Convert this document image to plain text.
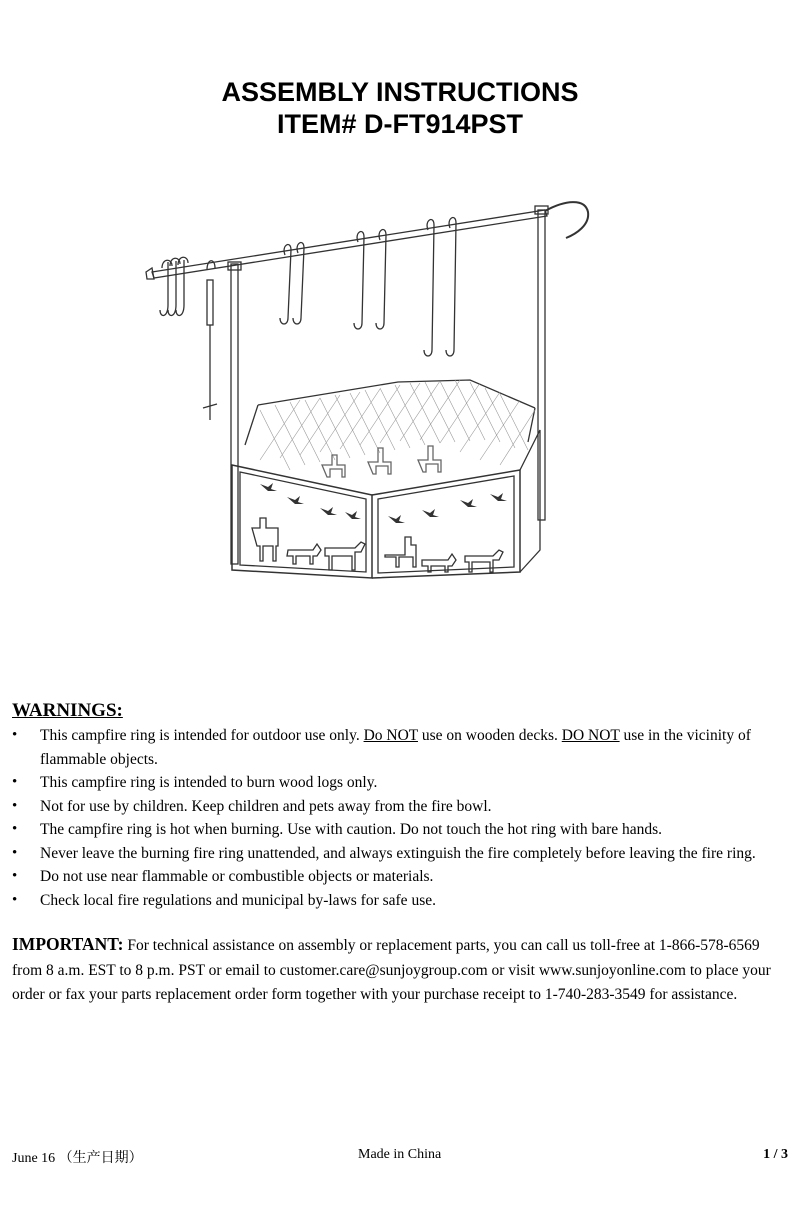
ASSEMBLY INSTRUCTIONS
ITEM# D-FT914PST
WARNINGS:
• This campfire ring is intended for outdoor use only. Do NOT use on wooden decks. DO NOT use in the vicinity of flammable objects.
• This campfire ring is intended to burn wood logs only.
• Not for use by children. Keep children and pets away from the fire bowl.
• The campfire ring is hot when burning. Use with caution. Do not touch the hot ring with bare hands.
• Never leave the burning fire ring unattended, and always extinguish the fire completely before leaving the fire ring.
• Do not use near flammable or combustible objects or materials.
• Check local fire regulations and municipal by-laws for safe use.
IMPORTANT: For technical assistance on assembly or replacement parts, you can call us toll-free at 1-866-578-6569 from 8 a.m. EST to 8 p.m. PST or email to customer.care@sunjoygroup.com or visit www.sunjoyonline.com to place your order or fax your parts replacement order form together with your purchase receipt to 1-740-283-3549 for assistance.
June 16 （生产日期）	Made in China	1 / 3
